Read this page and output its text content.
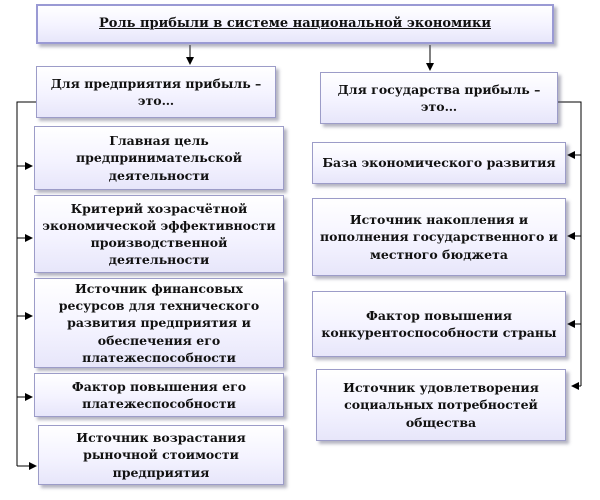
Роль прибыли в системе национальной экономики
Для предприятия прибыль – это…
Для государства прибыль – это…
Главная цель предпринимательской деятельности
Критерий хозрасчётной экономической эффективности производственной деятельности
Источник финансовых ресурсов для технического развития предприятия и обеспечения его платежеспособности
Фактор повышения его платежеспособности
Источник возрастания рыночной стоимости предприятия
База экономического развития
Источник накопления и пополнения государственного и местного бюджета
Фактор повышения конкурентоспособности страны
Источник удовлетворения социальных потребностей общества
